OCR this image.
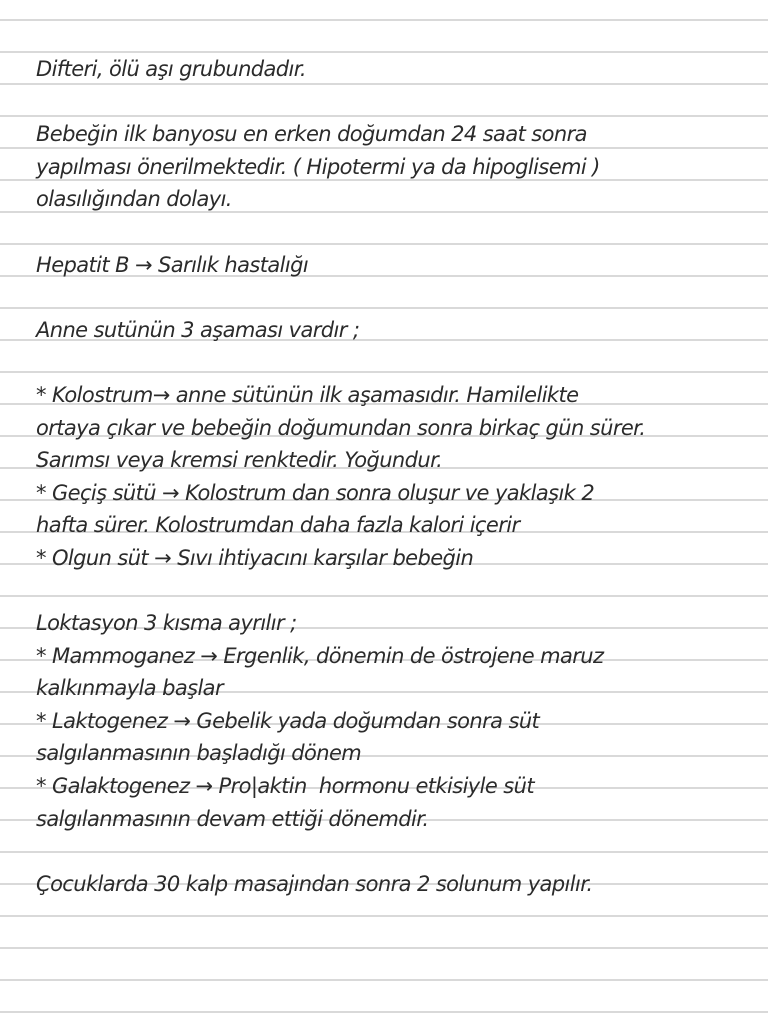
Difteri, ölü aşı grubundadır.
Bebeğin ilk banyosu en erken doğumdan 24 saat sonra
yapılması önerilmektedir. ( Hipotermi ya da hipoglisemi )
olasılığından dolayı.
Hepatit B → Sarılık hastalığı
Anne sutünün 3 aşaması vardır ;
* Kolostrum→ anne sütünün ilk aşamasıdır. Hamilelikte
ortaya çıkar ve bebeğin doğumundan sonra birkaç gün sürer.
Sarımsı veya kremsi renktedir. Yoğundur.
* Geçiş sütü → Kolostrum dan sonra oluşur ve yaklaşık 2
hafta sürer. Kolostrumdan daha fazla kalori içerir
* Olgun süt → Sıvı ihtiyacını karşılar bebeğin
Loktasyon 3 kısma ayrılır ;
* Mammoganez → Ergenlik, dönemin de östrojene maruz
kalkınmayla başlar
* Laktogenez → Gebelik yada doğumdan sonra süt
salgılanmasının başladığı dönem
* Galaktogenez → Pro|aktin  hormonu etkisiyle süt
salgılanmasının devam ettiği dönemdir.
Çocuklarda 30 kalp masajından sonra 2 solunum yapılır.
